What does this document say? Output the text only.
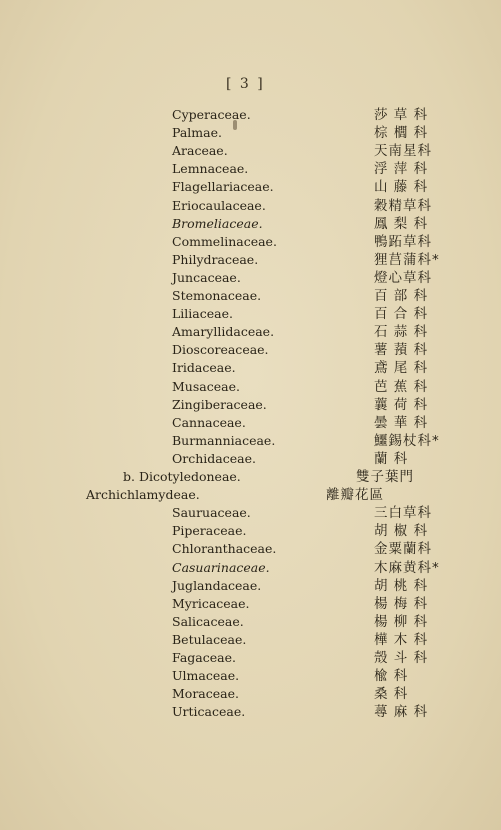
[ 3 ]
Cyperaceae.	莎 草 科
Palmae.	棕 櫚 科
Araceae.	天南星科
Lemnaceae.	浮 萍 科
Flagellariaceae.	山 藤 科
Eriocaulaceae.	穀精草科
Bromeliaceae.	鳳 梨 科
Commelinaceae.	鴨跖草科
Philydraceae.	狸莒蒲科*
Juncaceae.	燈心草科
Stemonaceae.	百 部 科
Liliaceae.	百 合 科
Amaryllidaceae.	石 蒜 科
Dioscoreaceae.	薯 蕷 科
Iridaceae.	鳶 尾 科
Musaceae.	芭 蕉 科
Zingiberaceae.	蘘 荷 科
Cannaceae.	曇 華 科
Burmanniaceae.	鱷錫杖科*
Orchidaceae.	蘭 科
b. Dicotyledoneae.	雙子葉門
Archichlamydeae.	離瓣花區
Sauruaceae.	三白草科
Piperaceae.	胡 椒 科
Chloranthaceae.	金粟蘭科
Casuarinaceae.	木麻黄科*
Juglandaceae.	胡 桃 科
Myricaceae.	楊 梅 科
Salicaceae.	楊 柳 科
Betulaceae.	樺 木 科
Fagaceae.	殼 斗 科
Ulmaceae.	楡 科
Moraceae.	桑 科
Urticaceae.	蕁 麻 科
